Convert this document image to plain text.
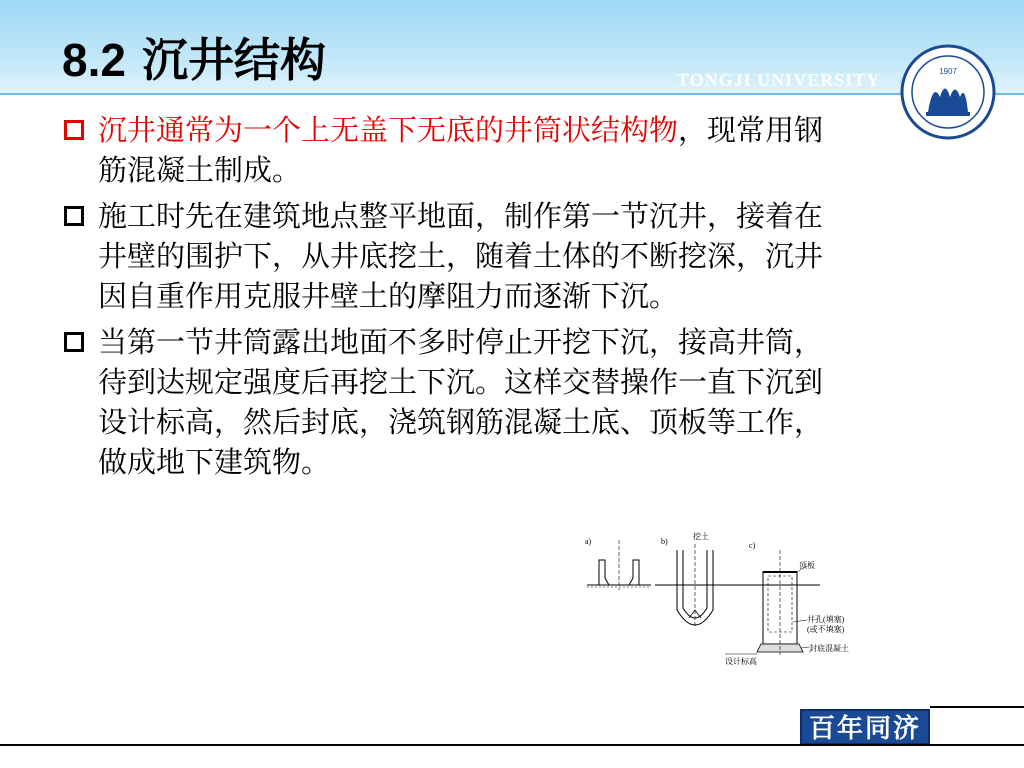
8.2 沉井结构	TONGJI UNIVERSITY	1907
沉井通常为一个上无盖下无底的井筒状结构物，现常用钢
筋混凝土制成。
施工时先在建筑地点整平地面，制作第一节沉井，接着在
井壁的围护下，从井底挖土，随着土体的不断挖深，沉井
因自重作用克服井壁土的摩阻力而逐渐下沉。
当第一节井筒露出地面不多时停止开挖下沉，接高井筒，
待到达规定强度后再挖土下沉。这样交替操作一直下沉到
设计标高，然后封底，浇筑钢筋混凝土底、顶板等工作，
做成地下建筑物。
a)	b)
挖土
c)
顶板
井孔(填塞)
(或不填塞)
封底混凝土
设计标高
百年同济
